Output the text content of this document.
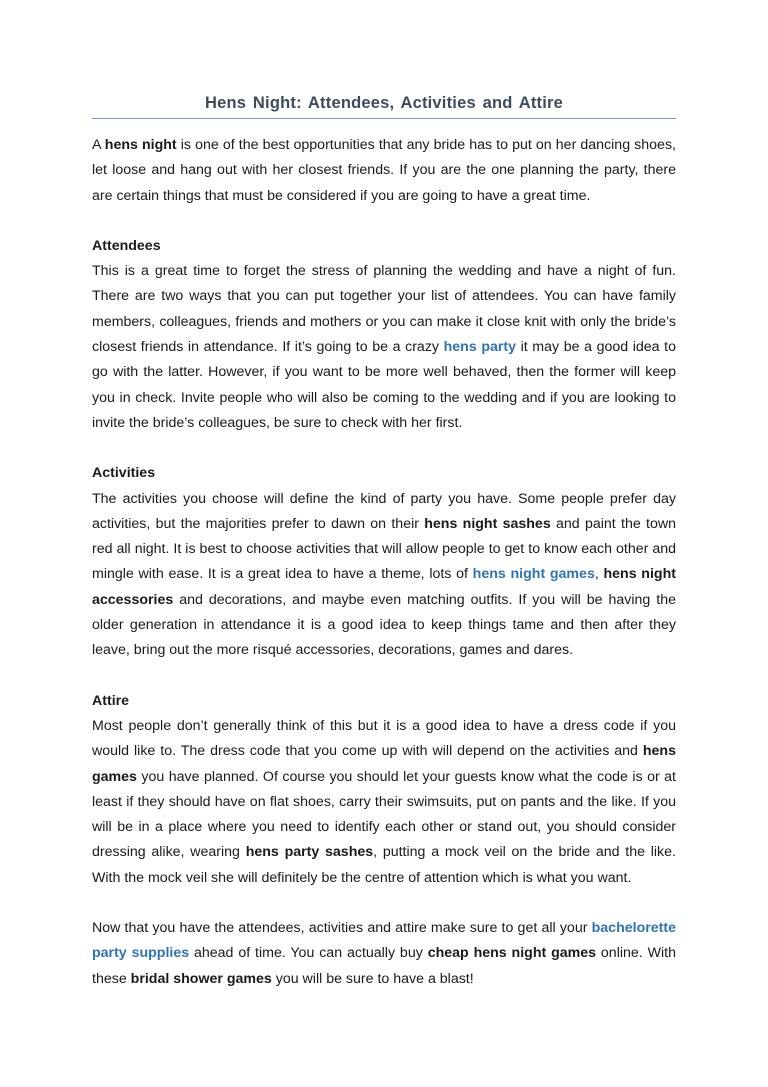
Hens Night: Attendees, Activities and Attire

A hens night is one of the best opportunities that any bride has to put on her dancing shoes, let loose and hang out with her closest friends. If you are the one planning the party, there are certain things that must be considered if you are going to have a great time.

Attendees

This is a great time to forget the stress of planning the wedding and have a night of fun. There are two ways that you can put together your list of attendees. You can have family members, colleagues, friends and mothers or you can make it close knit with only the bride’s closest friends in attendance. If it’s going to be a crazy hens party it may be a good idea to go with the latter. However, if you want to be more well behaved, then the former will keep you in check. Invite people who will also be coming to the wedding and if you are looking to invite the bride’s colleagues, be sure to check with her first.

Activities

The activities you choose will define the kind of party you have. Some people prefer day activities, but the majorities prefer to dawn on their hens night sashes and paint the town red all night. It is best to choose activities that will allow people to get to know each other and mingle with ease. It is a great idea to have a theme, lots of hens night games, hens night accessories and decorations, and maybe even matching outfits. If you will be having the older generation in attendance it is a good idea to keep things tame and then after they leave, bring out the more risqué accessories, decorations, games and dares.

Attire

Most people don’t generally think of this but it is a good idea to have a dress code if you would like to. The dress code that you come up with will depend on the activities and hens games you have planned. Of course you should let your guests know what the code is or at least if they should have on flat shoes, carry their swimsuits, put on pants and the like. If you will be in a place where you need to identify each other or stand out, you should consider dressing alike, wearing hens party sashes, putting a mock veil on the bride and the like. With the mock veil she will definitely be the centre of attention which is what you want.

Now that you have the attendees, activities and attire make sure to get all your bachelorette party supplies ahead of time. You can actually buy cheap hens night games online. With these bridal shower games you will be sure to have a blast!
